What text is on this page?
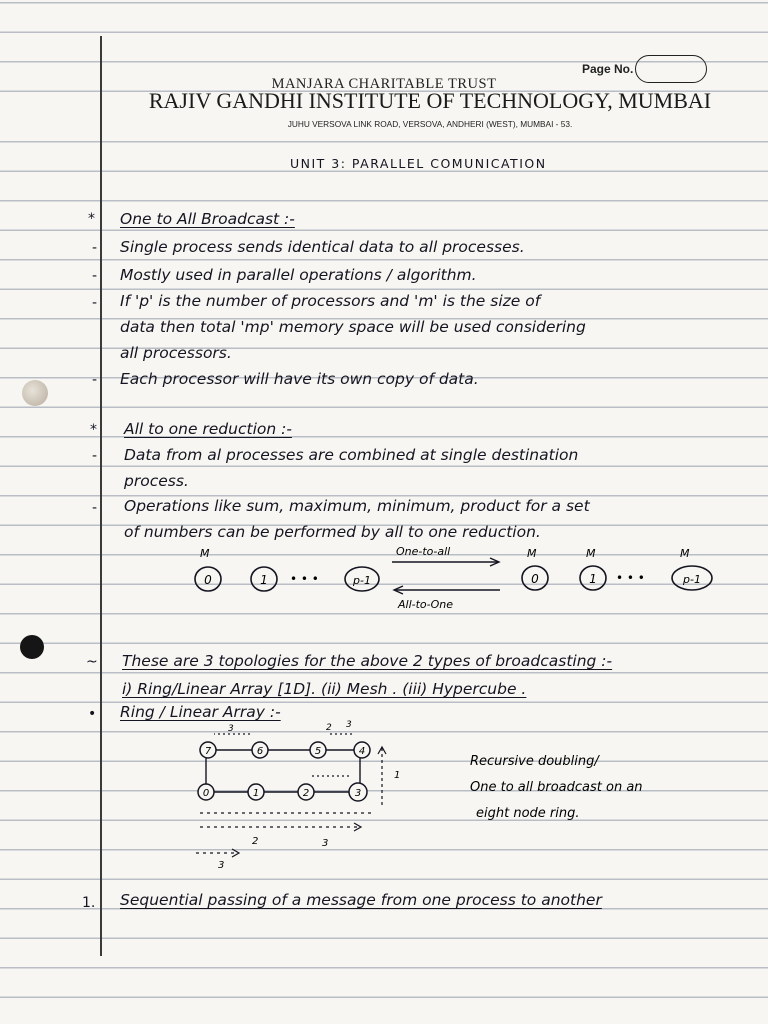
Page No.
MANJARA CHARITABLE TRUST
RAJIV GANDHI INSTITUTE OF TECHNOLOGY, MUMBAI
JUHU VERSOVA LINK ROAD, VERSOVA, ANDHERI (WEST), MUMBAI - 53.
UNIT 3: PARALLEL COMUNICATION
* One to All Broadcast :-
- Single process sends identical data to all processes.
- Mostly used in parallel operations / algorithm.
- If 'p' is the number of processors and 'm' is the size of
data then total 'mp' memory space will be used considering
all processors.
- Each processor will have its own copy of data.
* All to one reduction :-
- Data from al processes are combined at single destination
process.
- Operations like sum, maximum, minimum, product for a set
of numbers can be performed by all to one reduction.
~ These are 3 topologies for the above 2 types of broadcasting :-
i) Ring/Linear Array [1D]. (ii) Mesh . (iii) Hypercube .
• Ring / Linear Array :-
1. Sequential passing of a message from one process to another
M
0	1 • • •	p-1
One-to-all
All-to-One
M	M	M
0	1 • • •	p-1
7	6	5	4
0	1	2	3
3	2 3
1
2	3
3
Recursive doubling/
One to all broadcast on an
eight node ring.
